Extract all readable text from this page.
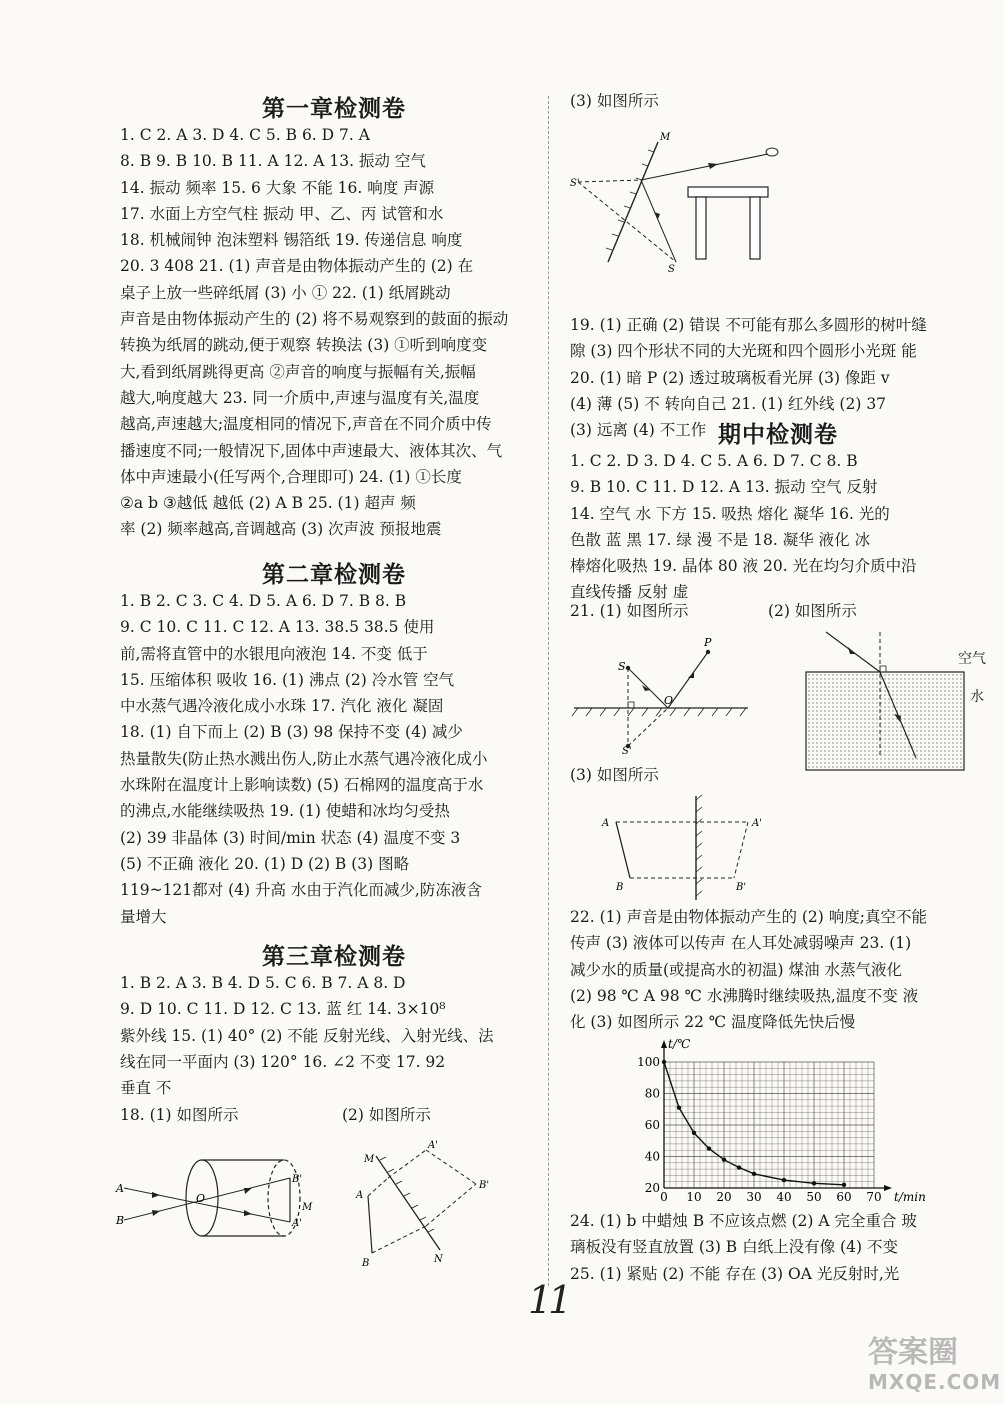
第一章检测卷
1. C 2. A 3. D 4. C 5. B 6. D 7. A
8. B 9. B 10. B 11. A 12. A 13. 振动 空气
14. 振动 频率 15. 6 大象 不能 16. 响度 声源
17. 水面上方空气柱 振动 甲、乙、丙 试管和水
18. 机械闹钟 泡沫塑料 锡箔纸 19. 传递信息 响度
20. 3 408 21. (1) 声音是由物体振动产生的 (2) 在
桌子上放一些碎纸屑 (3) 小 ① 22. (1) 纸屑跳动
声音是由物体振动产生的 (2) 将不易观察到的鼓面的振动
转换为纸屑的跳动,便于观察 转换法 (3) ①听到响度变
大,看到纸屑跳得更高 ②声音的响度与振幅有关,振幅
越大,响度越大 23. 同一介质中,声速与温度有关,温度
越高,声速越大;温度相同的情况下,声音在不同介质中传
播速度不同;一般情况下,固体中声速最大、液体其次、气
体中声速最小(任写两个,合理即可) 24. (1) ①长度
②a b ③越低 越低 (2) A B 25. (1) 超声 频
率 (2) 频率越高,音调越高 (3) 次声波 预报地震
第二章检测卷
1. B 2. C 3. C 4. D 5. A 6. D 7. B 8. B
9. C 10. C 11. C 12. A 13. 38.5 38.5 使用
前,需将直管中的水银甩向液泡 14. 不变 低于
15. 压缩体积 吸收 16. (1) 沸点 (2) 冷水管 空气
中水蒸气遇冷液化成小水珠 17. 汽化 液化 凝固
18. (1) 自下而上 (2) B (3) 98 保持不变 (4) 减少
热量散失(防止热水溅出伤人,防止水蒸气遇冷液化成小
水珠附在温度计上影响读数) (5) 石棉网的温度高于水
的沸点,水能继续吸热 19. (1) 使蜡和冰均匀受热
(2) 39 非晶体 (3) 时间/min 状态 (4) 温度不变 3
(5) 不正确 液化 20. (1) D (2) B (3) 图略
119~121都对 (4) 升高 水由于汽化而减少,防冻液含
量增大
第三章检测卷
1. B 2. A 3. B 4. D 5. C 6. B 7. A 8. D
9. D 10. C 11. D 12. C 13. 蓝 红 14. 3×10⁸
紫外线 15. (1) 40° (2) 不能 反射光线、入射光线、法
线在同一平面内 (3) 120° 16. ∠2 不变 17. 92
垂直 不
18. (1) 如图所示	(2) 如图所示
A
B
O
B'
A'
M
M
A'
A
B'
B	N
(3) 如图所示
M
S'
S
19. (1) 正确 (2) 错误 不可能有那么多圆形的树叶缝
隙 (3) 四个形状不同的大光斑和四个圆形小光斑 能
20. (1) 暗 P (2) 透过玻璃板看光屏 (3) 像距 v
(4) 薄 (5) 不 转向自己 21. (1) 红外线 (2) 37
(3) 远离 (4) 不工作 期中检测卷
1. C 2. D 3. D 4. C 5. A 6. D 7. C 8. B
9. B 10. C 11. D 12. A 13. 振动 空气 反射
14. 空气 水 下方 15. 吸热 熔化 凝华 16. 光的
色散 蓝 黑 17. 绿 漫 不是 18. 凝华 液化 冰
棒熔化吸热 19. 晶体 80 液 20. 光在均匀介质中沿
直线传播 反射 虚
21. (1) 如图所示	(2) 如图所示
S
S'
O
P
空气
水
(3) 如图所示
A	A'
B	B'
22. (1) 声音是由物体振动产生的 (2) 响度;真空不能
传声 (3) 液体可以传声 在人耳处减弱噪声 23. (1)
减少水的质量(或提高水的初温) 煤油 水蒸气液化
(2) 98 ℃ A 98 ℃ 水沸腾时继续吸热,温度不变 液
化 (3) 如图所示 22 ℃ 温度降低先快后慢
0 10 20 30 40 50 60 70
20
40
60
80
100
t/min
t/℃
24. (1) b 中蜡烛 B 不应该点燃 (2) A 完全重合 玻
璃板没有竖直放置 (3) B 白纸上没有像 (4) 不变
25. (1) 紧贴 (2) 不能 存在 (3) OA 光反射时,光
11
答案圈
MXQE.COM
